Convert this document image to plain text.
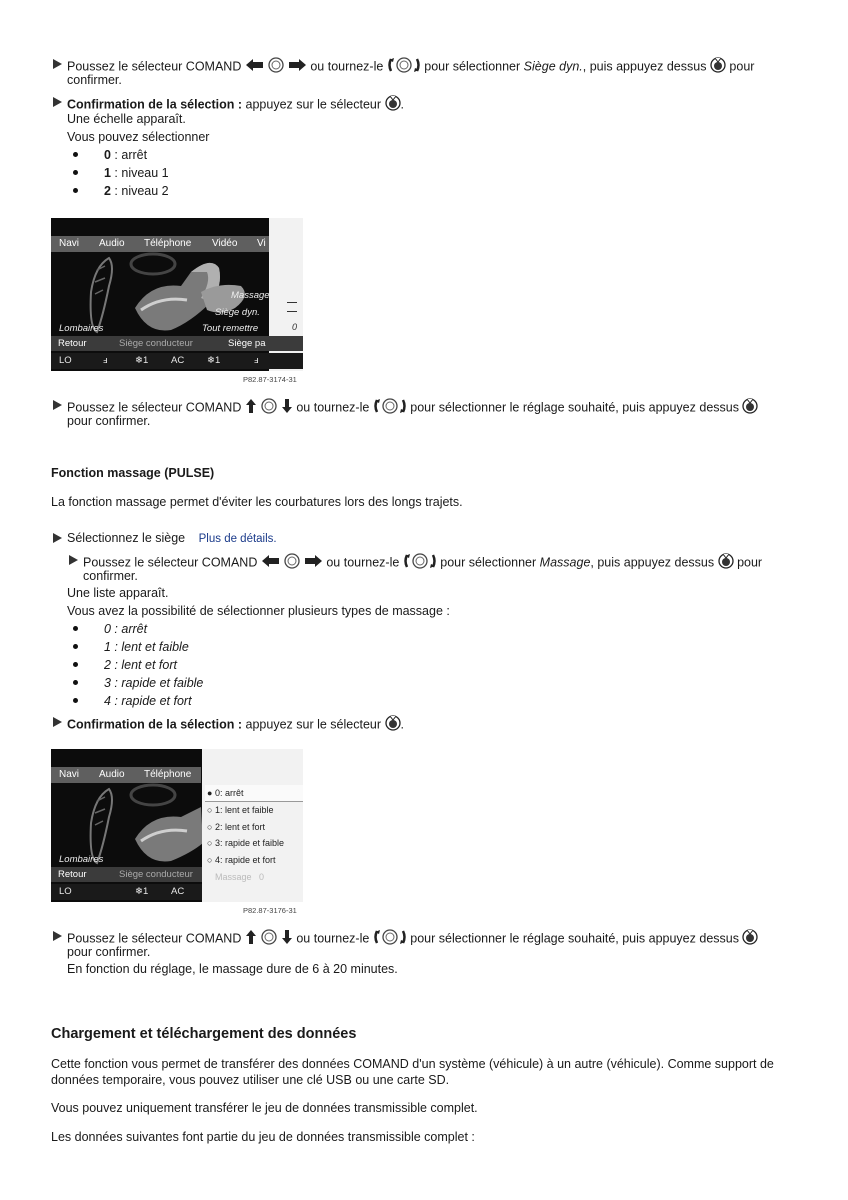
Poussez le sélecteur COMAND	ou tournez-le	pour sélectionner Siège dyn., puis appuyez dessus pour
confirmer.
Confirmation de la sélection : appuyez sur le sélecteur .
Une échelle apparaît.
Vous pouvez sélectionner
0 : arrêt
1 : niveau 1
2 : niveau 2
Navi Audio Téléphone Vidéo Vi
0
Massage
Siège dyn.
Tout remettre
Lombaires
Retour	Siège conducteur	Siège pa
LO	ⅎ	❄1 AC ❄1	ⅎ
P82.87-3174-31
Poussez le sélecteur COMAND	ou tournez-le	pour sélectionner le réglage souhaité, puis appuyez dessus
pour confirmer.
Fonction massage (PULSE)
La fonction massage permet d'éviter les courbatures lors des longs trajets.
Sélectionnez le siège Plus de détails.
Poussez le sélecteur COMAND	ou tournez-le	pour sélectionner Massage, puis appuyez dessus pour
confirmer.
Une liste apparaît.
Vous avez la possibilité de sélectionner plusieurs types de massage :
0 : arrêt
1 : lent et faible
2 : lent et fort
3 : rapide et faible
4 : rapide et fort
Confirmation de la sélection : appuyez sur le sélecteur .
Navi Audio Téléphone
● 0: arrêt
○ 1: lent et faible
○ 2: lent et fort
○ 3: rapide et faible
○ 4: rapide et fort
Massage   0
Lombaires
Retour	Siège conducteur
LO	❄1 AC
P82.87-3176-31
Poussez le sélecteur COMAND	ou tournez-le	pour sélectionner le réglage souhaité, puis appuyez dessus
pour confirmer.
En fonction du réglage, le massage dure de 6 à 20 minutes.
Chargement et téléchargement des données
Cette fonction vous permet de transférer des données COMAND d'un système (véhicule) à un autre (véhicule). Comme support de
données temporaire, vous pouvez utiliser une clé USB ou une carte SD.
Vous pouvez uniquement transférer le jeu de données transmissible complet.
Les données suivantes font partie du jeu de données transmissible complet :
